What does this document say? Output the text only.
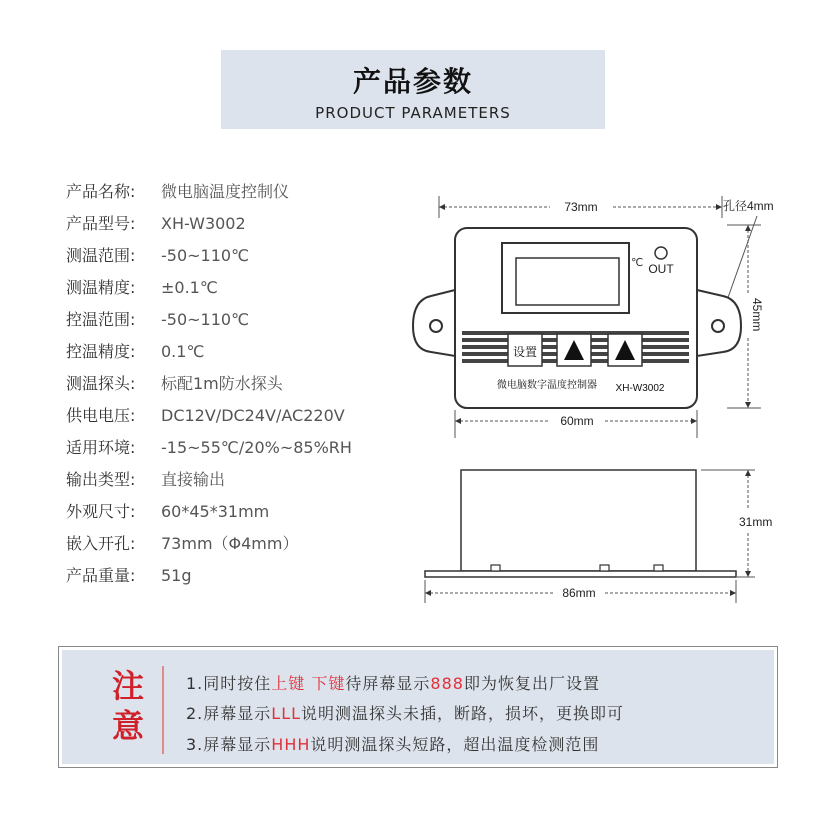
产品参数
PRODUCT PARAMETERS
产品名称: 微电脑温度控制仪
产品型号: XH-W3002
测温范围: -50~110℃
测温精度: ±0.1℃
控温范围: -50~110℃
控温精度: 0.1℃
测温探头: 标配1m防水探头
供电电压: DC12V/DC24V/AC220V
适用环境: -15~55℃/20%~85%RH
输出类型: 直接输出
外观尺寸: 60*45*31mm
嵌入开孔: 73mm（Φ4mm）
产品重量: 51g
73mm	孔径4mm
℃ OUT
设置
微电脑数字温度控制器 XH-W3002
45mm
60mm
31mm
86mm
注
意
1.同时按住上键 下键待屏幕显示888即为恢复出厂设置
2.屏幕显示LLL说明测温探头未插，断路，损坏，更换即可
3.屏幕显示HHH说明测温探头短路，超出温度检测范围
